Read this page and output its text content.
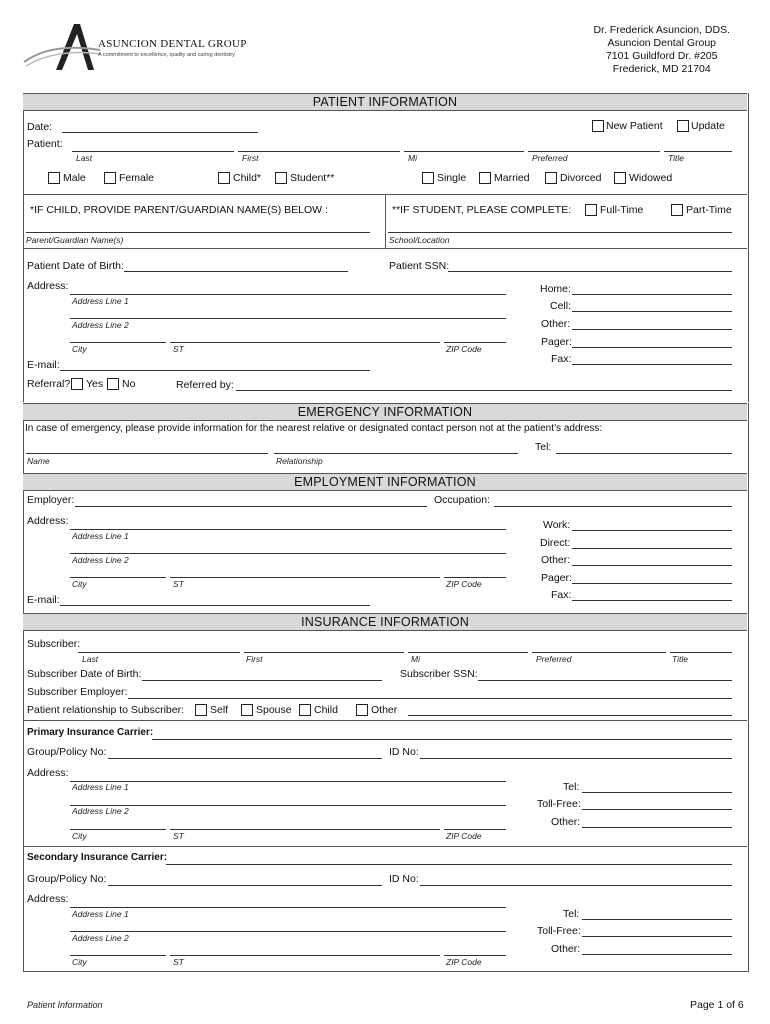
ASUNCION DENTAL GROUP
A commitment to excellence, quality and caring dentistry
Dr. Frederick Asuncion, DDS.
Asuncion Dental Group
7101 Guildford Dr. #205
Frederick, MD 21704
PATIENT INFORMATION
Date:	New Patient	Update
Patient:
Last	First	Mi	Preferred	Title
Male	Female	Child*	Student**	Single	Married	Divorced	Widowed
*IF CHILD, PROVIDE PARENT/GUARDIAN NAME(S) BELOW :	**IF STUDENT, PLEASE COMPLETE:	Full-Time	Part-Time
Parent/Guardian Name(s)	School/Location
Patient Date of Birth:	Patient SSN:
Address:
Address Line 1
Address Line 2
City	ST	ZIP Code
Home:
Cell:
Other:
Pager:
Fax:
E-mail:
Referral? Yes No	Referred by:
EMERGENCY INFORMATION
In case of emergency, please provide information for the nearest relative or designated contact person not at the patient’s address:
Tel:
Name	Relationship
EMPLOYMENT INFORMATION
Employer:	Occupation:
Address:
Address Line 1
Address Line 2
City	ST	ZIP Code
Work:
Direct:
Other:
Pager:
Fax:
E-mail:
INSURANCE INFORMATION
Subscriber:
Last	First	Mi	Preferred	Title
Subscriber Date of Birth:	Subscriber SSN:
Subscriber Employer:
Patient relationship to Subscriber: Self	Spouse Child	Other
Primary Insurance Carrier:
Group/Policy No:	ID No:
Address:
Address Line 1
Address Line 2
City	ST	ZIP Code
Tel:
Toll-Free:
Other:
Secondary Insurance Carrier:
Group/Policy No:	ID No:
Address:
Address Line 1
Address Line 2
City	ST	ZIP Code
Tel:
Toll-Free:
Other:
Patient Information	Page 1 of 6
